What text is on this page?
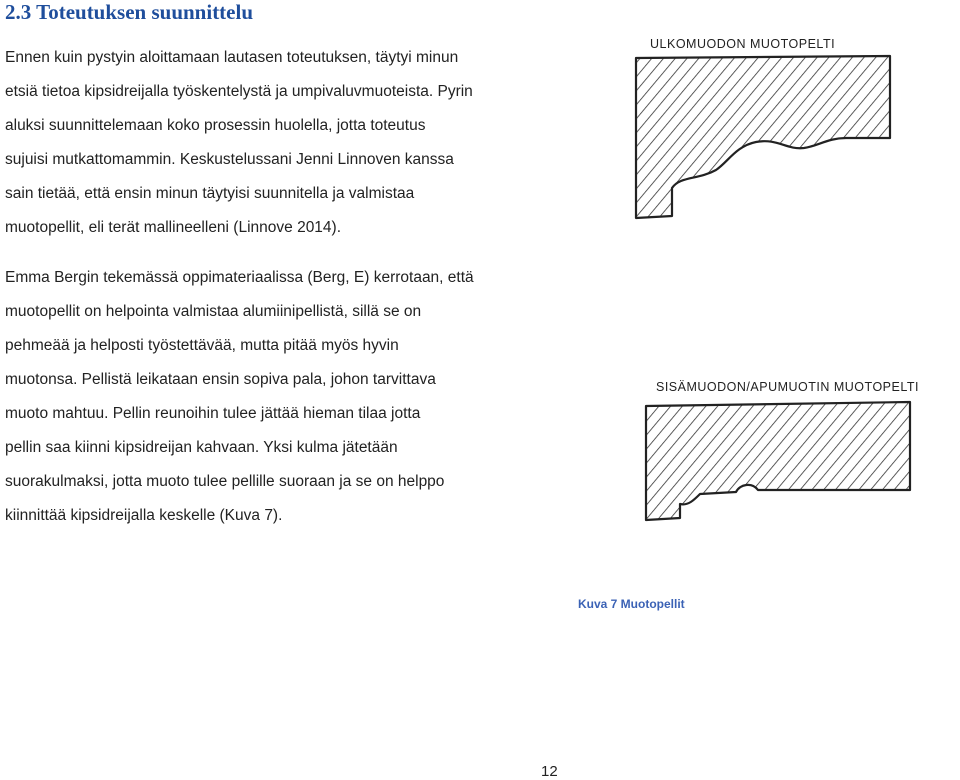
2.3 Toteutuksen suunnittelu
Ennen kuin pystyin aloittamaan lautasen toteutuksen, täytyi minun
etsiä tietoa kipsidreijalla työskentelystä ja umpivaluvmuoteista. Pyrin
aluksi suunnittelemaan koko prosessin huolella, jotta toteutus
sujuisi mutkattomammin. Keskustelussani Jenni Linnoven kanssa
sain tietää, että ensin minun täytyisi suunnitella ja valmistaa
muotopellit, eli terät mallineelleni (Linnove 2014).
Emma Bergin tekemässä oppimateriaalissa (Berg, E) kerrotaan, että
muotopellit on helpointa valmistaa alumiinipellistä, sillä se on
pehmeää ja helposti työstettävää, mutta pitää myös hyvin
muotonsa. Pellistä leikataan ensin sopiva pala, johon tarvittava
muoto mahtuu. Pellin reunoihin tulee jättää hieman tilaa jotta
pellin saa kiinni kipsidreijan kahvaan. Yksi kulma jätetään
suorakulmaksi, jotta muoto tulee pellille suoraan ja se on helppo
kiinnittää kipsidreijalla keskelle (Kuva 7).
ULKOMUODON MUOTOPELTI
SISÄMUODON/APUMUOTIN MUOTOPELTI
Kuva 7 Muotopellit
12
